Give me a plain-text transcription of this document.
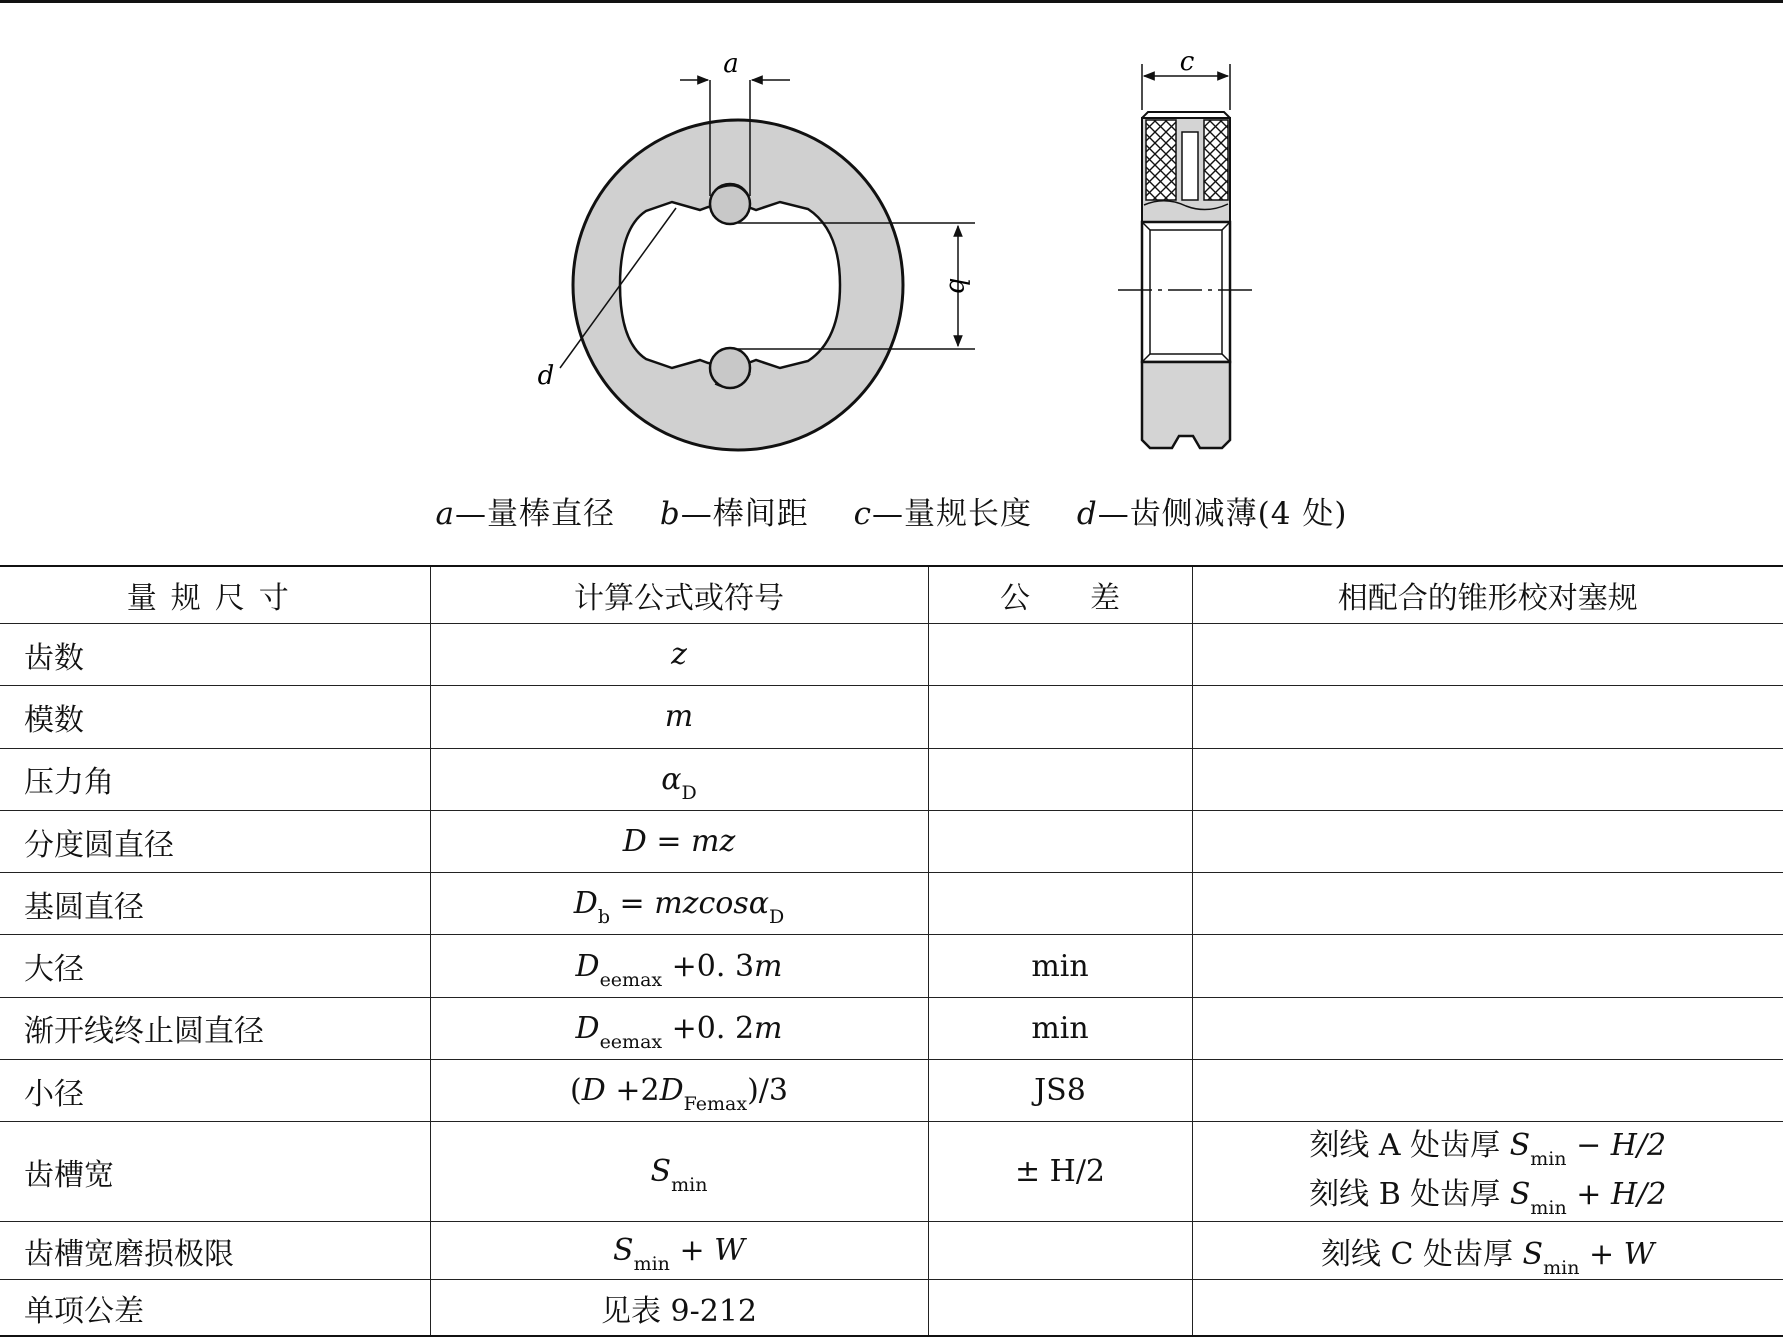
a
b
d
c
a—量棒直径 b—棒间距 c—量规长度 d—齿侧减薄(4 处)
量规尺寸	计算公式或符号	公 差	相配合的锥形校对塞规
齿数	z		
模数	m		
压力角	$\alpha_D$		
分度圆直径	D = mz		
基圆直径	$D_b = mzcos\alpha_D$		
大径	$D_{eemax} +0$. 3m	min	
渐开线终止圆直径	$D_{eemax} +0$. 2m	min	
小径	$(D +2D_{Femax})/3$	JS8	
齿槽宽	$S_{min}$	± H/2	刻线 A 处齿厚 $S_{min} - H/2$
刻线 B 处齿厚 $S_{min} + H/2$

齿槽宽磨损极限	$S_{min} + W$		刻线 C 处齿厚 $S_{min} + W$
单项公差	见表 9-212		
